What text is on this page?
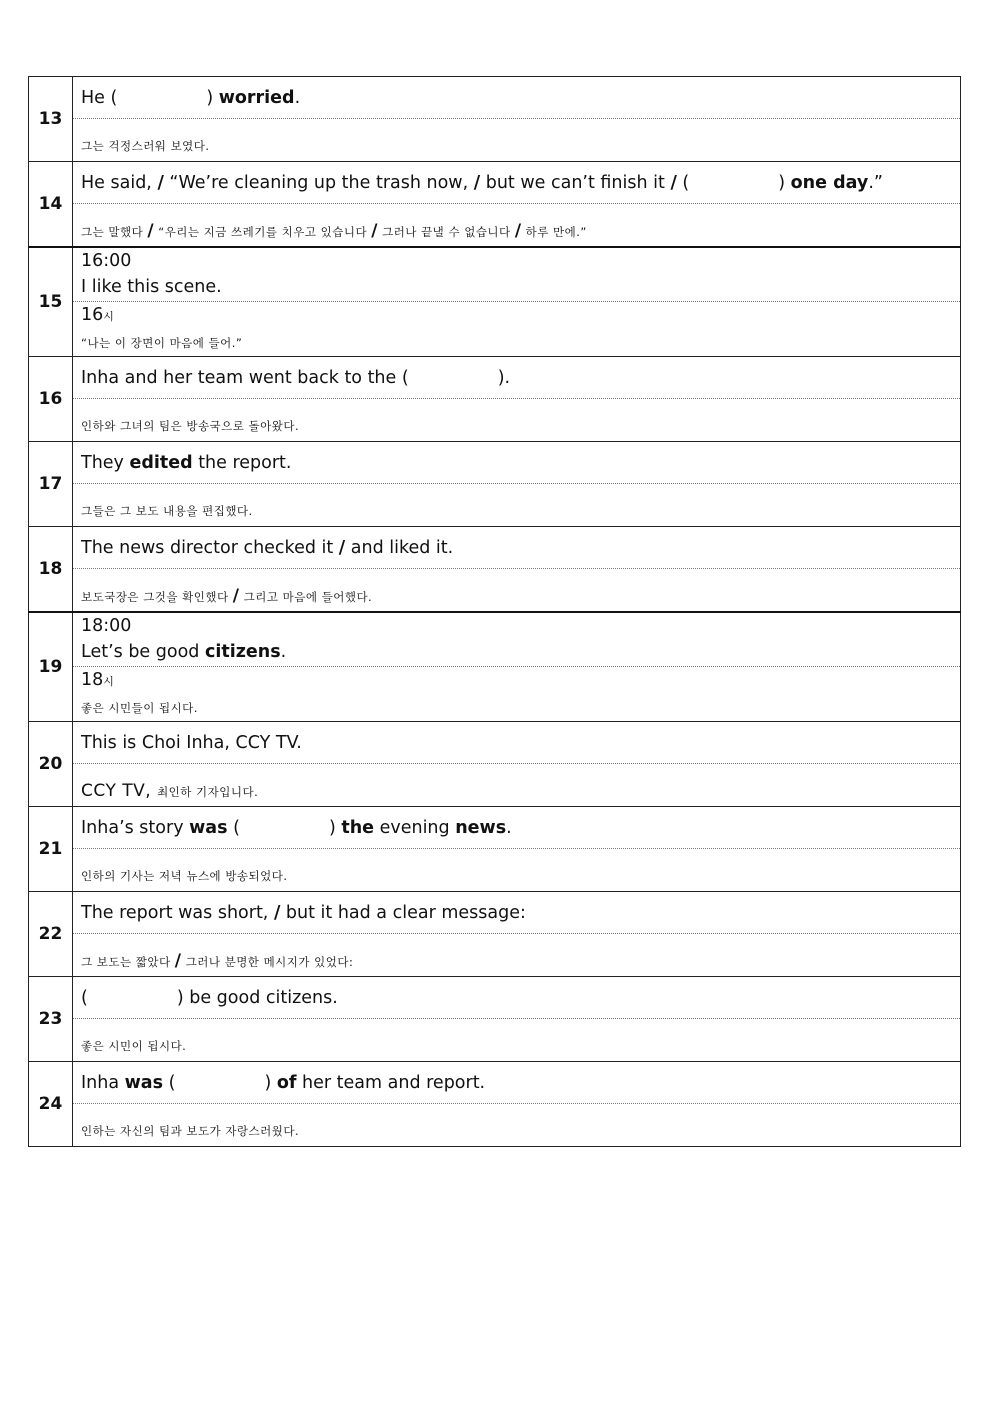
13	He ( ) worried.
그는 걱정스러워 보였다.

14	He said, / “We’re cleaning up the trash now, / but we can’t finish it / ( ) one day.”
그는 말했다 / “우리는 지금 쓰레기를 치우고 있습니다 / 그러나 끝낼 수 없습니다 / 하루 만에.”

15	16:00
I like this scene.
16시
“나는 이 장면이 마음에 들어.”

16	Inha and her team went back to the ( ).
인하와 그녀의 팀은 방송국으로 돌아왔다.

17	They edited the report.
그들은 그 보도 내용을 편집했다.

18	The news director checked it / and liked it.
보도국장은 그것을 확인했다 / 그리고 마음에 들어했다.

19	18:00
Let’s be good citizens.
18시
좋은 시민들이 됩시다.

20	This is Choi Inha, CCY TV.
CCY TV, 최인하 기자입니다.

21	Inha’s story was ( ) the evening news.
인하의 기사는 저녁 뉴스에 방송되었다.

22	The report was short, / but it had a clear message:
그 보도는 짧았다 / 그러나 분명한 메시지가 있었다:

23	( ) be good citizens.
좋은 시민이 됩시다.

24	Inha was ( ) of her team and report.
인하는 자신의 팀과 보도가 자랑스러웠다.
